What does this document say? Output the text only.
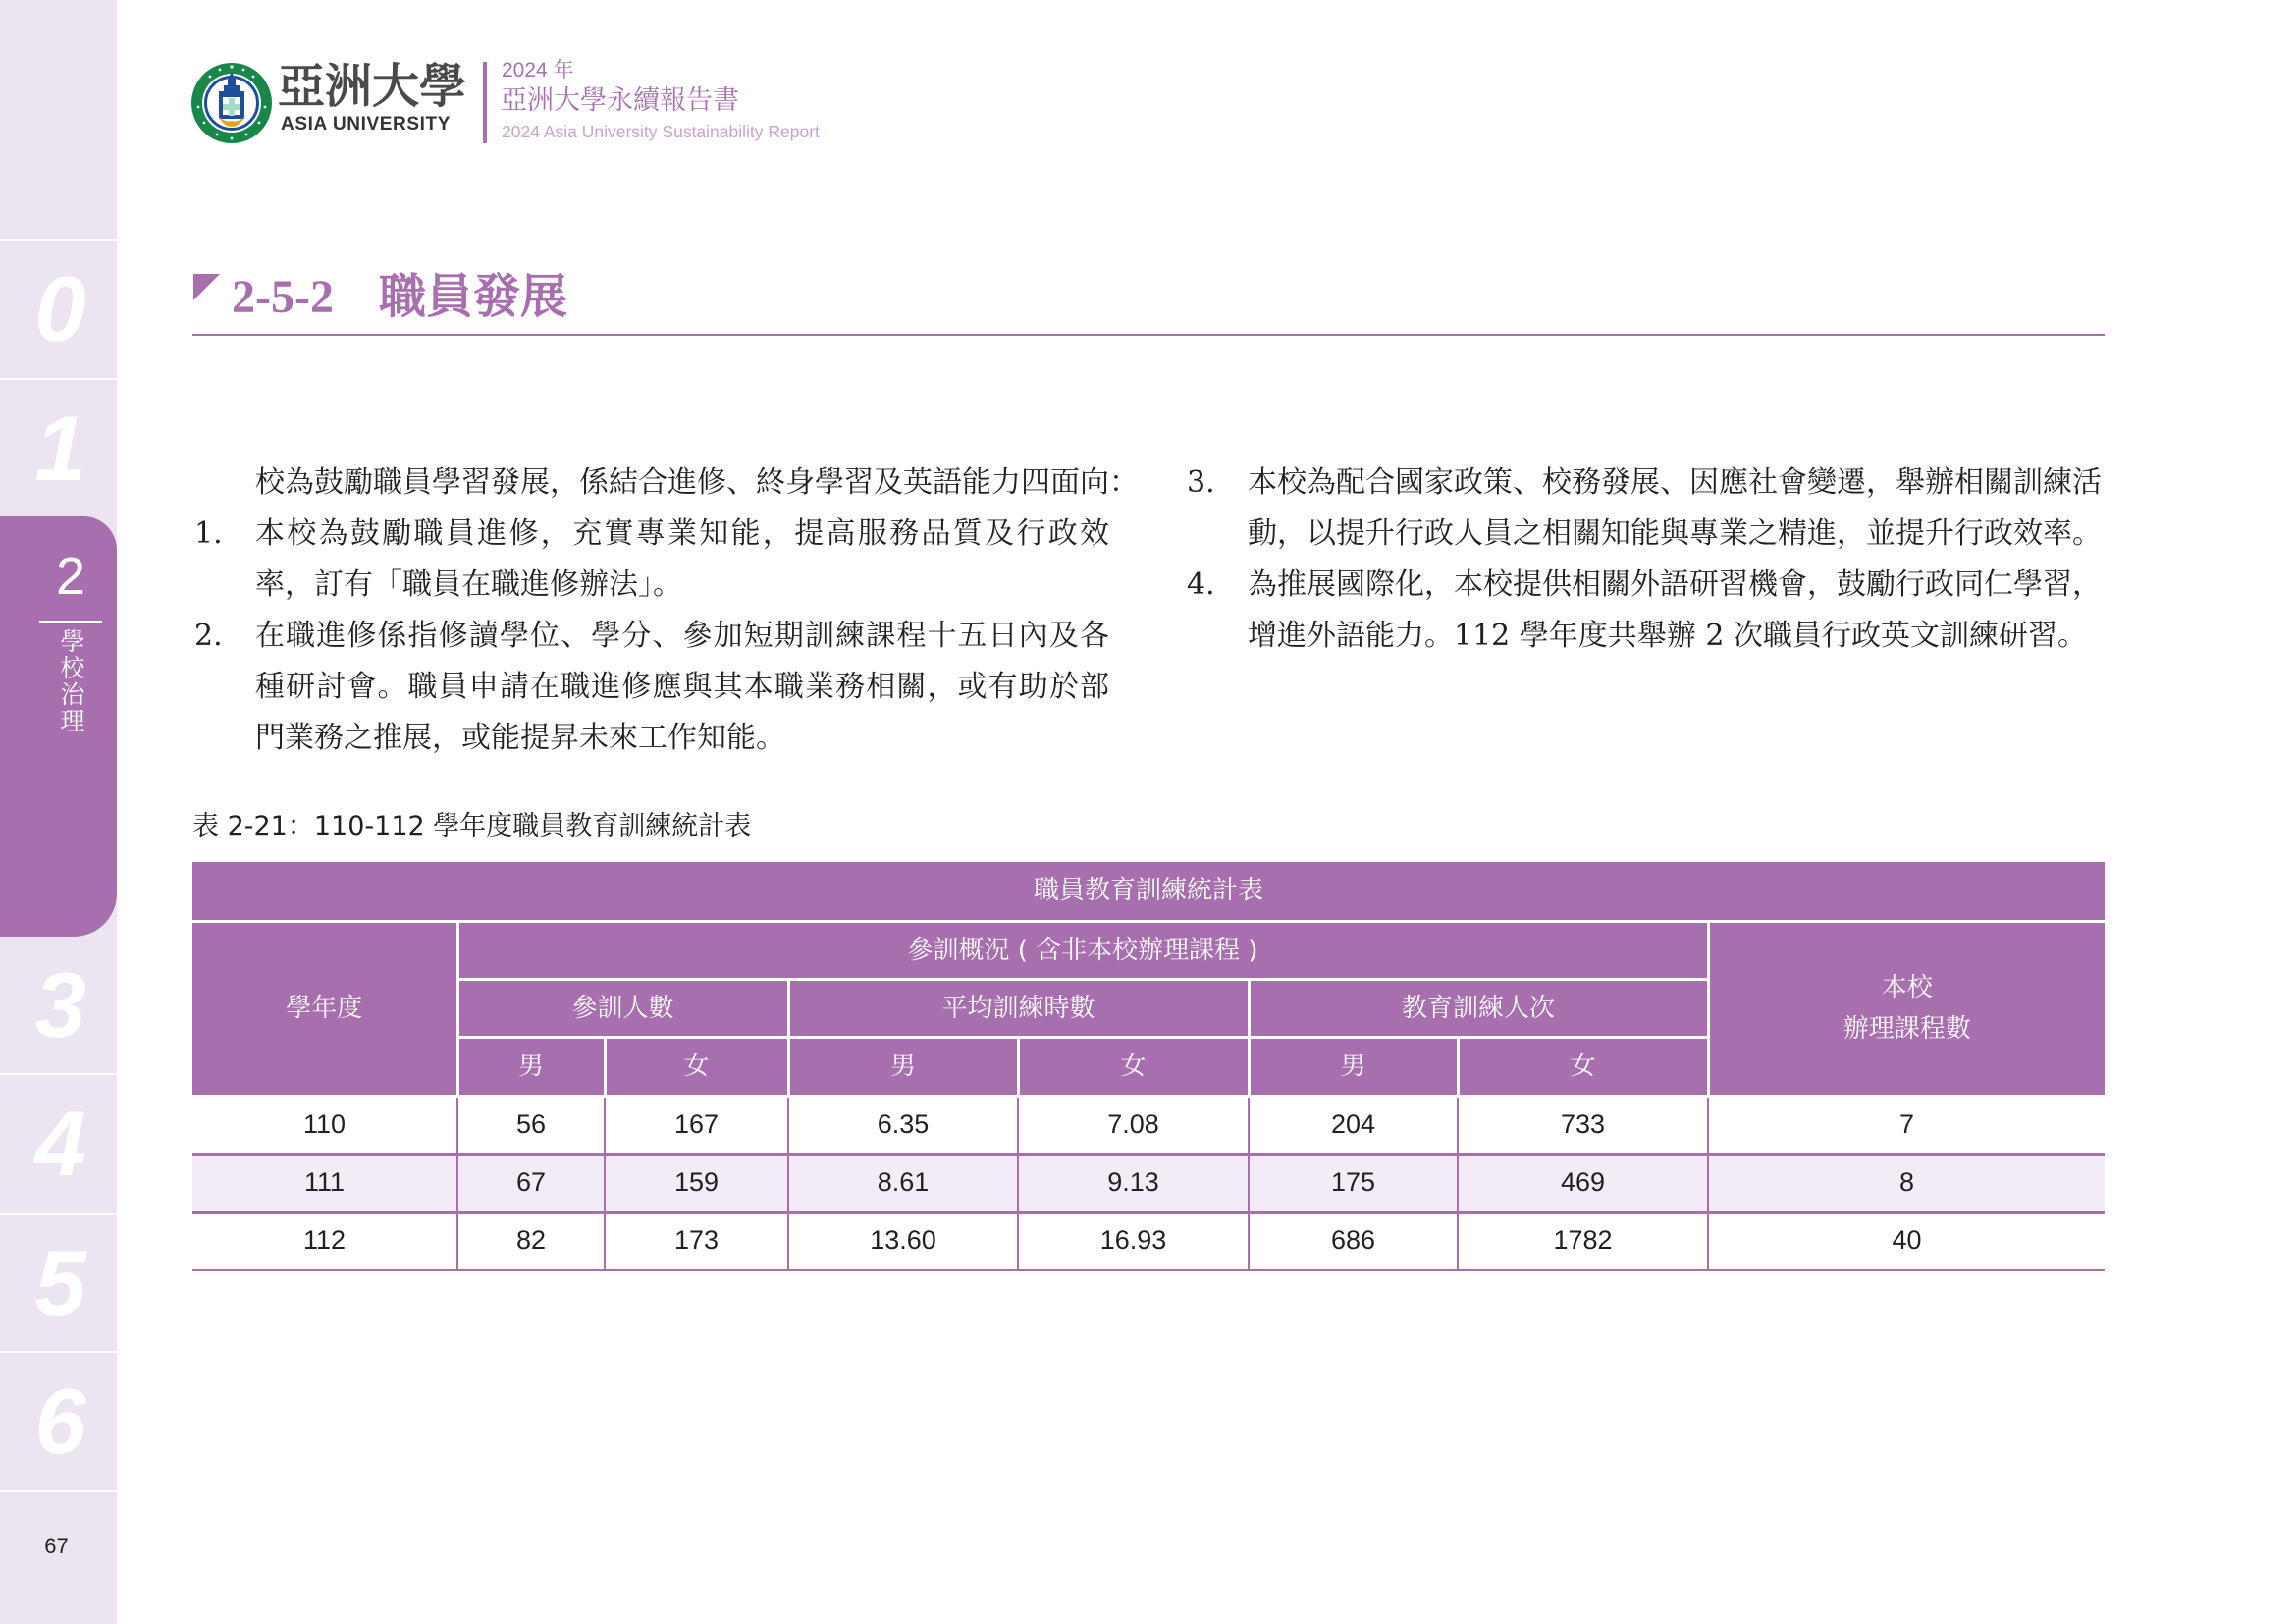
0
1
2
學校治理
3
4
5
6
67
亞洲大學
ASIA UNIVERSITY
2024 年
亞洲大學永續報告書
2024 Asia University Sustainability Report
2-5-2 職員發展
校為鼓勵職員學習發展，係結合進修、終身學習及英語能力四面向：
1. 本校為鼓勵職員進修，充實專業知能，提高服務品質及行政效
率，訂有「職員在職進修辦法」。
2. 在職進修係指修讀學位、學分、參加短期訓練課程十五日內及各
種研討會。職員申請在職進修應與其本職業務相關，或有助於部
門業務之推展，或能提昇未來工作知能。
3. 本校為配合國家政策、校務發展、因應社會變遷，舉辦相關訓練活
動，以提升行政人員之相關知能與專業之精進，並提升行政效率。
4. 為推展國際化，本校提供相關外語研習機會，鼓勵行政同仁學習，
增進外語能力。112 學年度共舉辦 2 次職員行政英文訓練研習。
表 2-21：110-112 學年度職員教育訓練統計表
職員教育訓練統計表							
學年度	參訓概況 ( 含非本校辦理課程 )						本校
辦理課程數
	參訓人數		平均訓練時數		教育訓練人次		
	男	女	男	女	男	女	
110	56	167	6.35	7.08	204	733	7
111	67	159	8.61	9.13	175	469	8
112	82	173	13.60	16.93	686	1782	40
